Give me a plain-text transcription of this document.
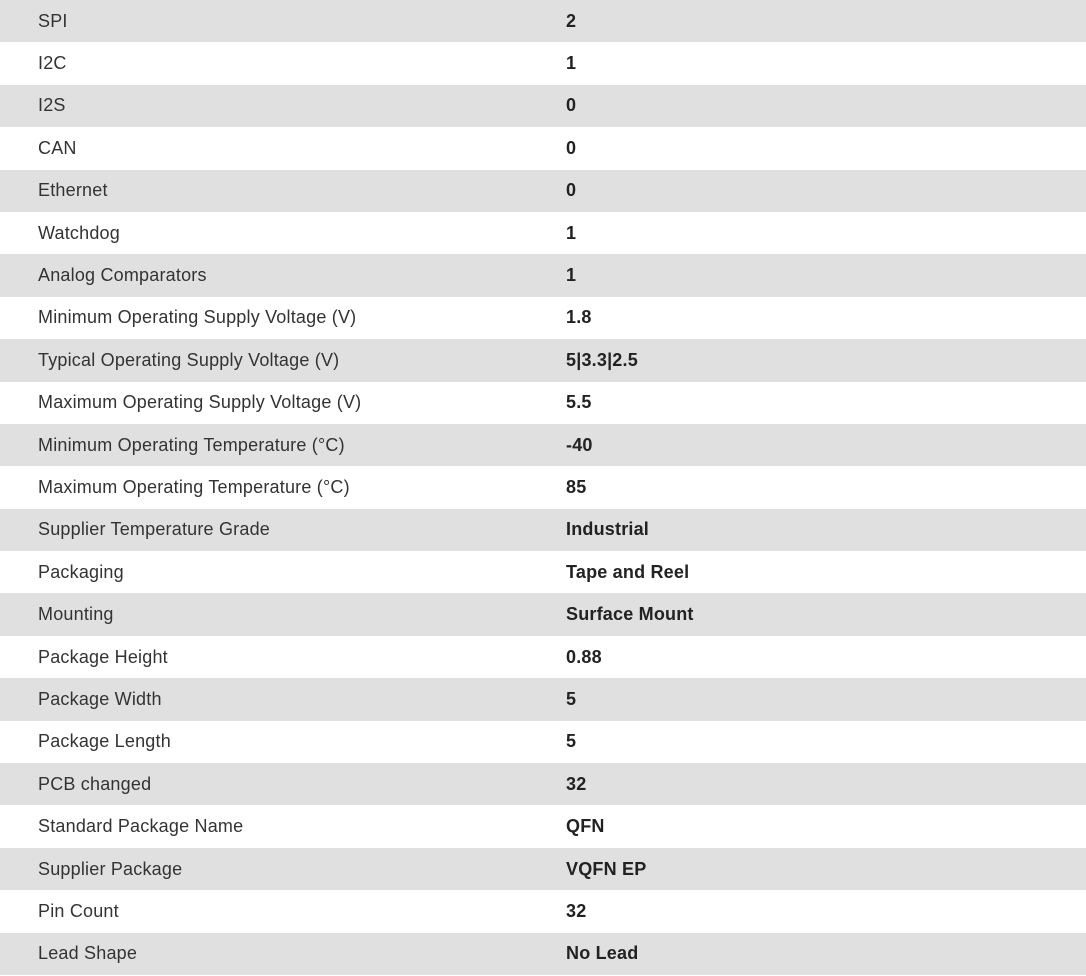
SPI	2
I2C	1
I2S	0
CAN	0
Ethernet	0
Watchdog	1
Analog Comparators	1
Minimum Operating Supply Voltage (V)	1.8
Typical Operating Supply Voltage (V)	5|3.3|2.5
Maximum Operating Supply Voltage (V)	5.5
Minimum Operating Temperature (°C)	-40
Maximum Operating Temperature (°C)	85
Supplier Temperature Grade	Industrial
Packaging	Tape and Reel
Mounting	Surface Mount
Package Height	0.88
Package Width	5
Package Length	5
PCB changed	32
Standard Package Name	QFN
Supplier Package	VQFN EP
Pin Count	32
Lead Shape	No Lead
